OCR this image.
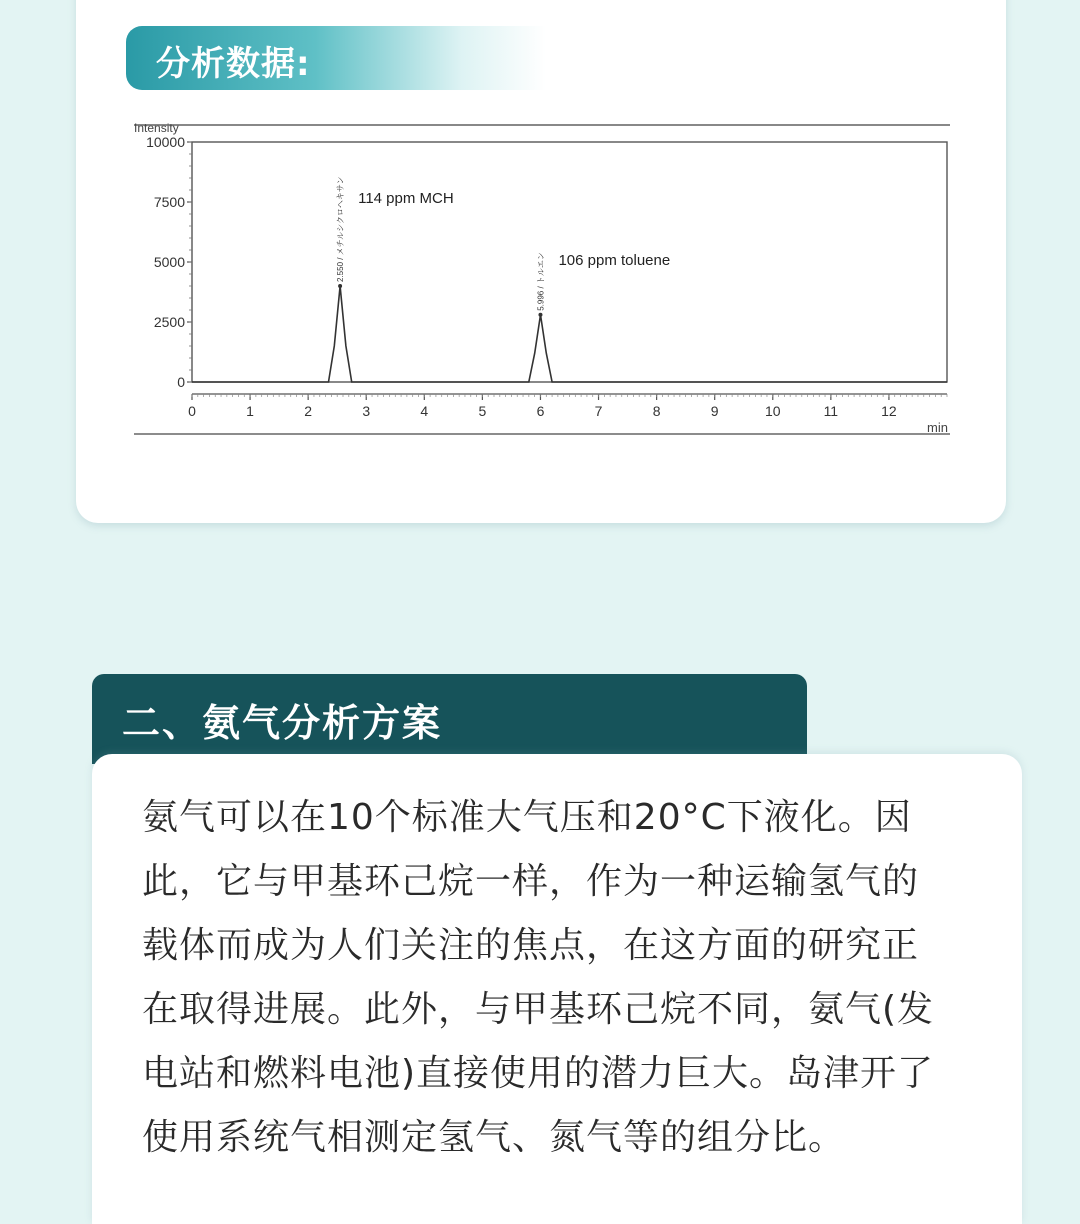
分析数据:
Intensity
min
0
2500
5000
7500
10000
0	1	2	3	4	5	6	7	8	9	10	11	12
2.550 / メチルシクロヘキサン 114 ppm MCH
5.996 / トルエン 106 ppm toluene
二、氨气分析方案

氨气可以在10个标准大气压和20°C下液化。因
此，它与甲基环己烷一样，作为一种运输氢气的
载体而成为人们关注的焦点，在这方面的研究正
在取得进展。此外，与甲基环己烷不同，氨气(发
电站和燃料电池)直接使用的潜力巨大。岛津开了
使用系统气相测定氢气、氮气等的组分比。
